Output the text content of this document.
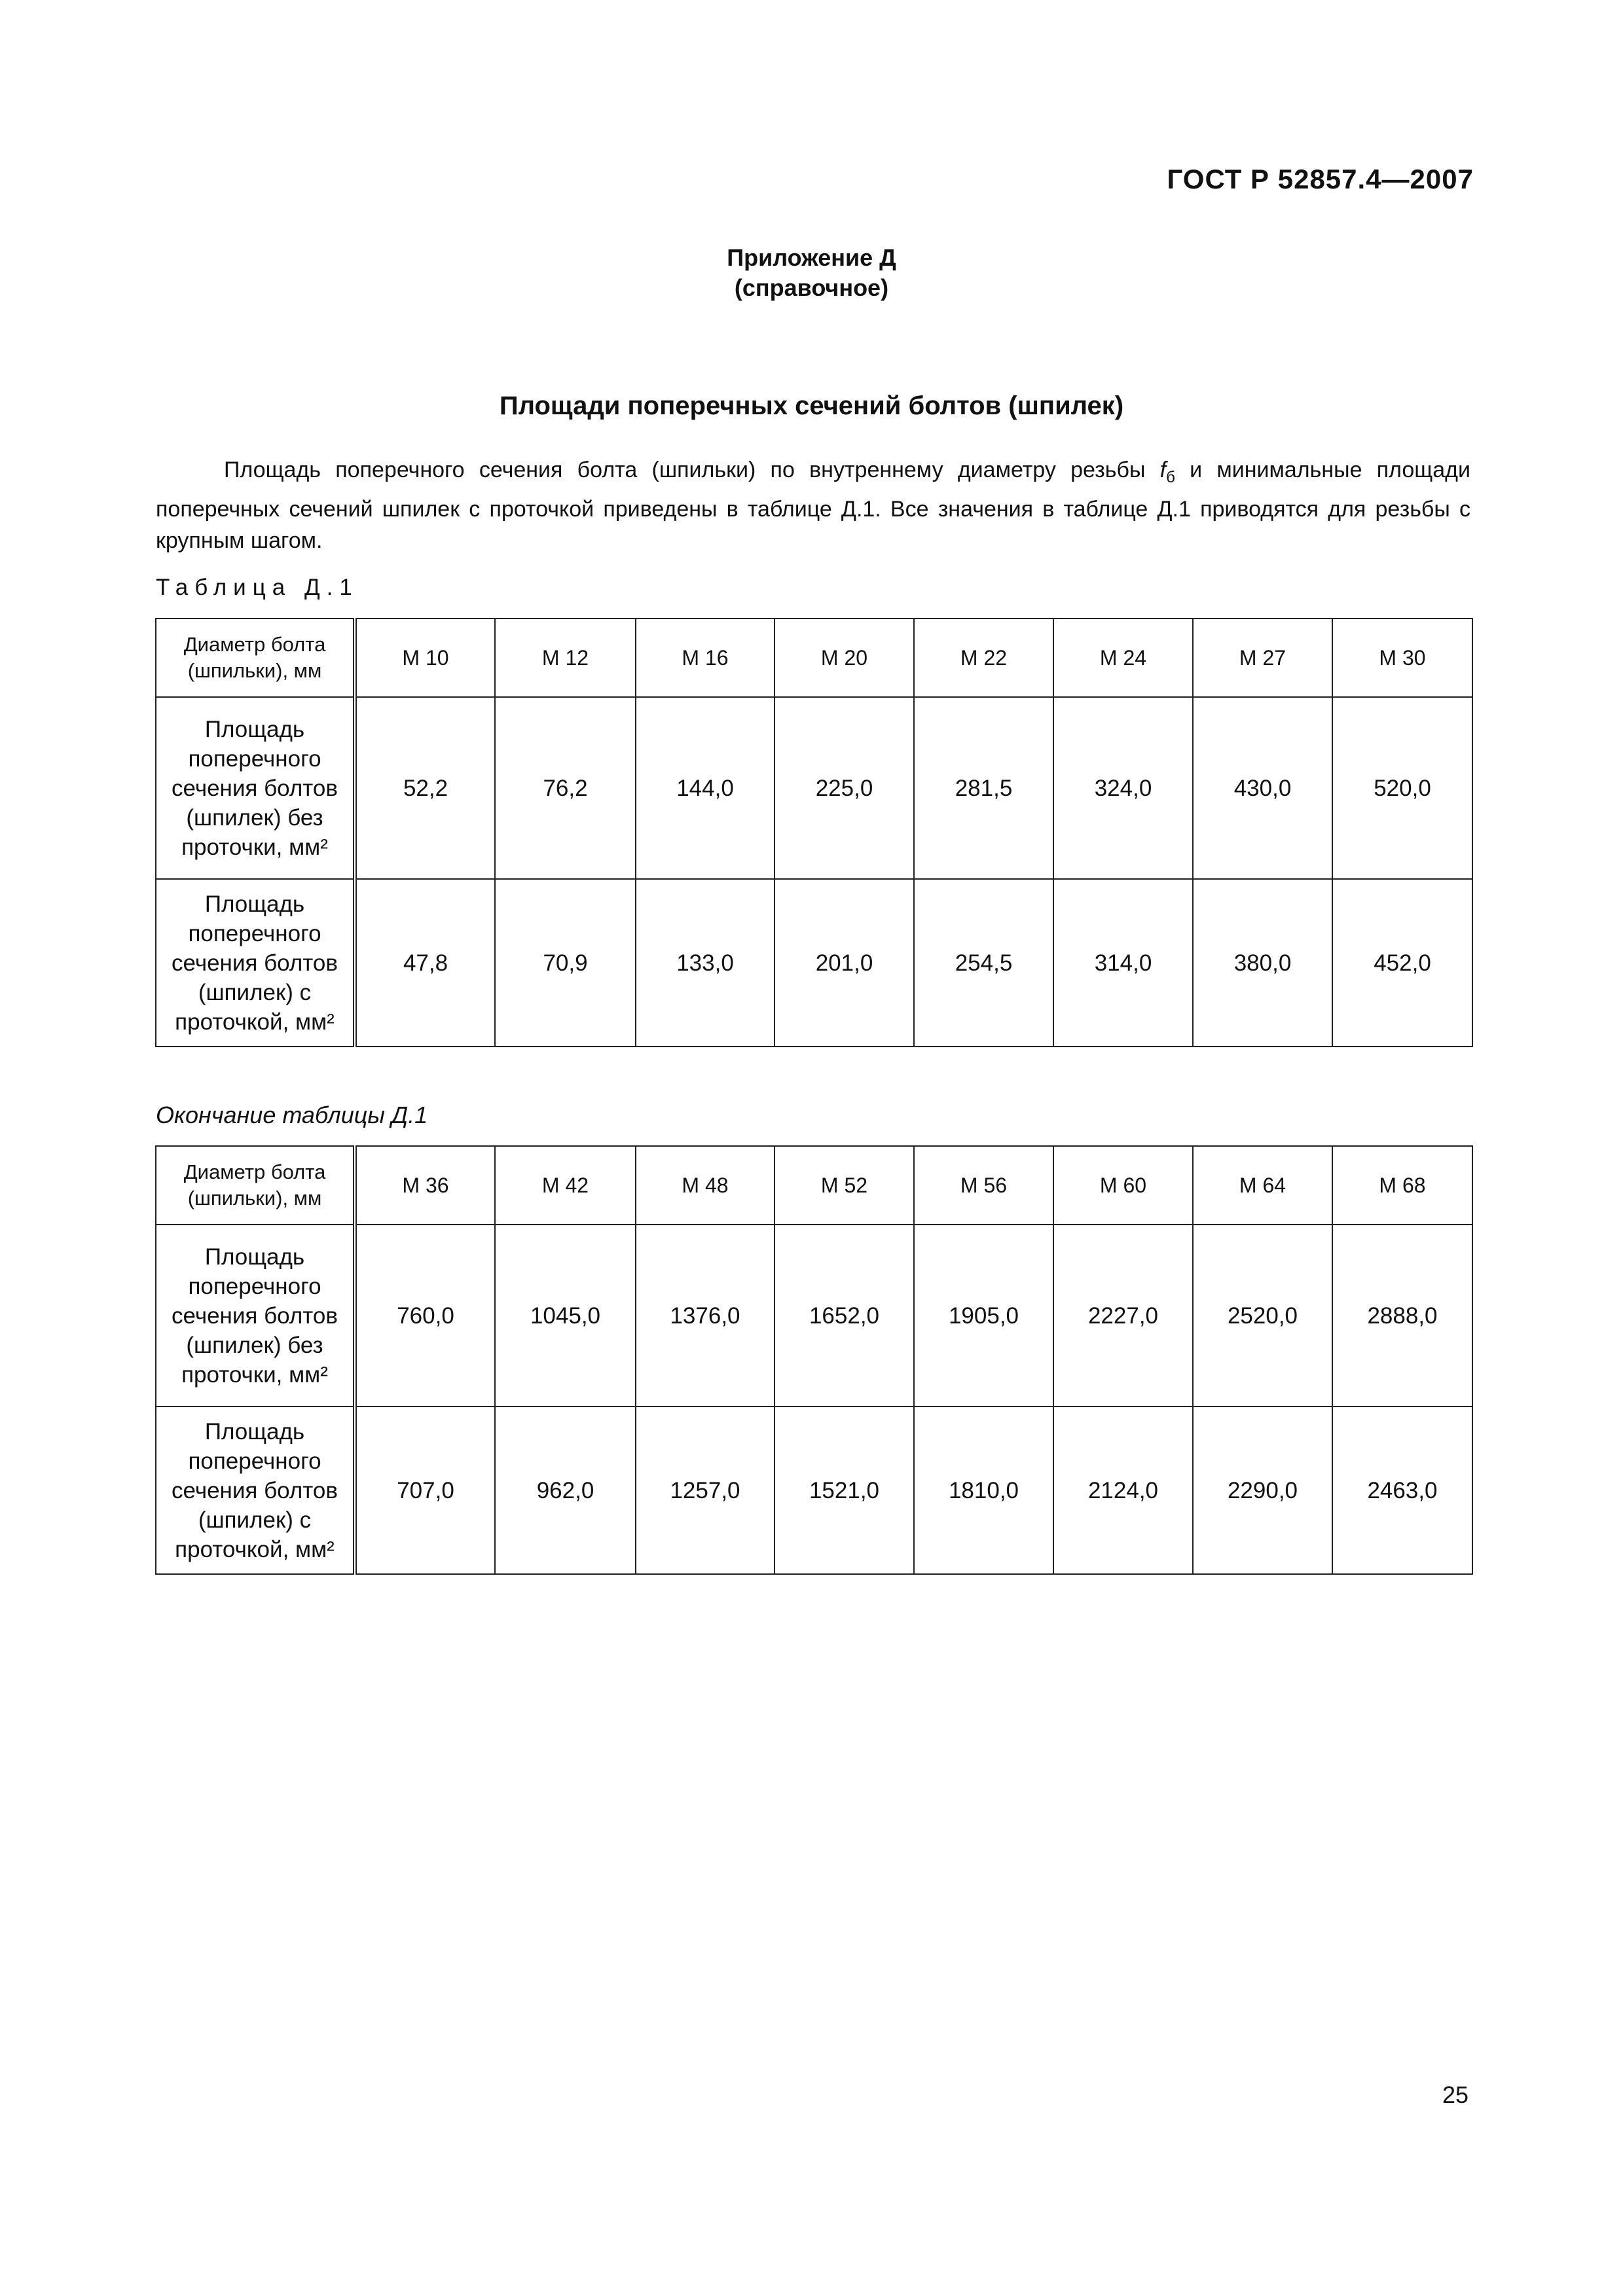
ГОСТ Р 52857.4—2007
Приложение Д
(справочное)
Площади поперечных сечений болтов (шпилек)
Площадь поперечного сечения болта (шпильки) по внутреннему диаметру резьбы $f_б$ и минимальные площади поперечных сечений шпилек с проточкой приведены в таблице Д.1. Все значения в таблице Д.1 приводятся для резьбы с крупным шагом.
Таблица Д.1
Диаметр болта (шпильки), мм	М 10	М 12	М 16	М 20	М 22	М 24	М 27	М 30
Площадь поперечного сечения болтов (шпилек) без проточки, мм²	52,2	76,2	144,0	225,0	281,5	324,0	430,0	520,0
Площадь поперечного сечения болтов (шпилек) с проточкой, мм²	47,8	70,9	133,0	201,0	254,5	314,0	380,0	452,0
Окончание таблицы Д.1
Диаметр болта (шпильки), мм	М 36	М 42	М 48	М 52	М 56	М 60	М 64	М 68
Площадь поперечного сечения болтов (шпилек) без проточки, мм²	760,0	1045,0	1376,0	1652,0	1905,0	2227,0	2520,0	2888,0
Площадь поперечного сечения болтов (шпилек) с проточкой, мм²	707,0	962,0	1257,0	1521,0	1810,0	2124,0	2290,0	2463,0
25
